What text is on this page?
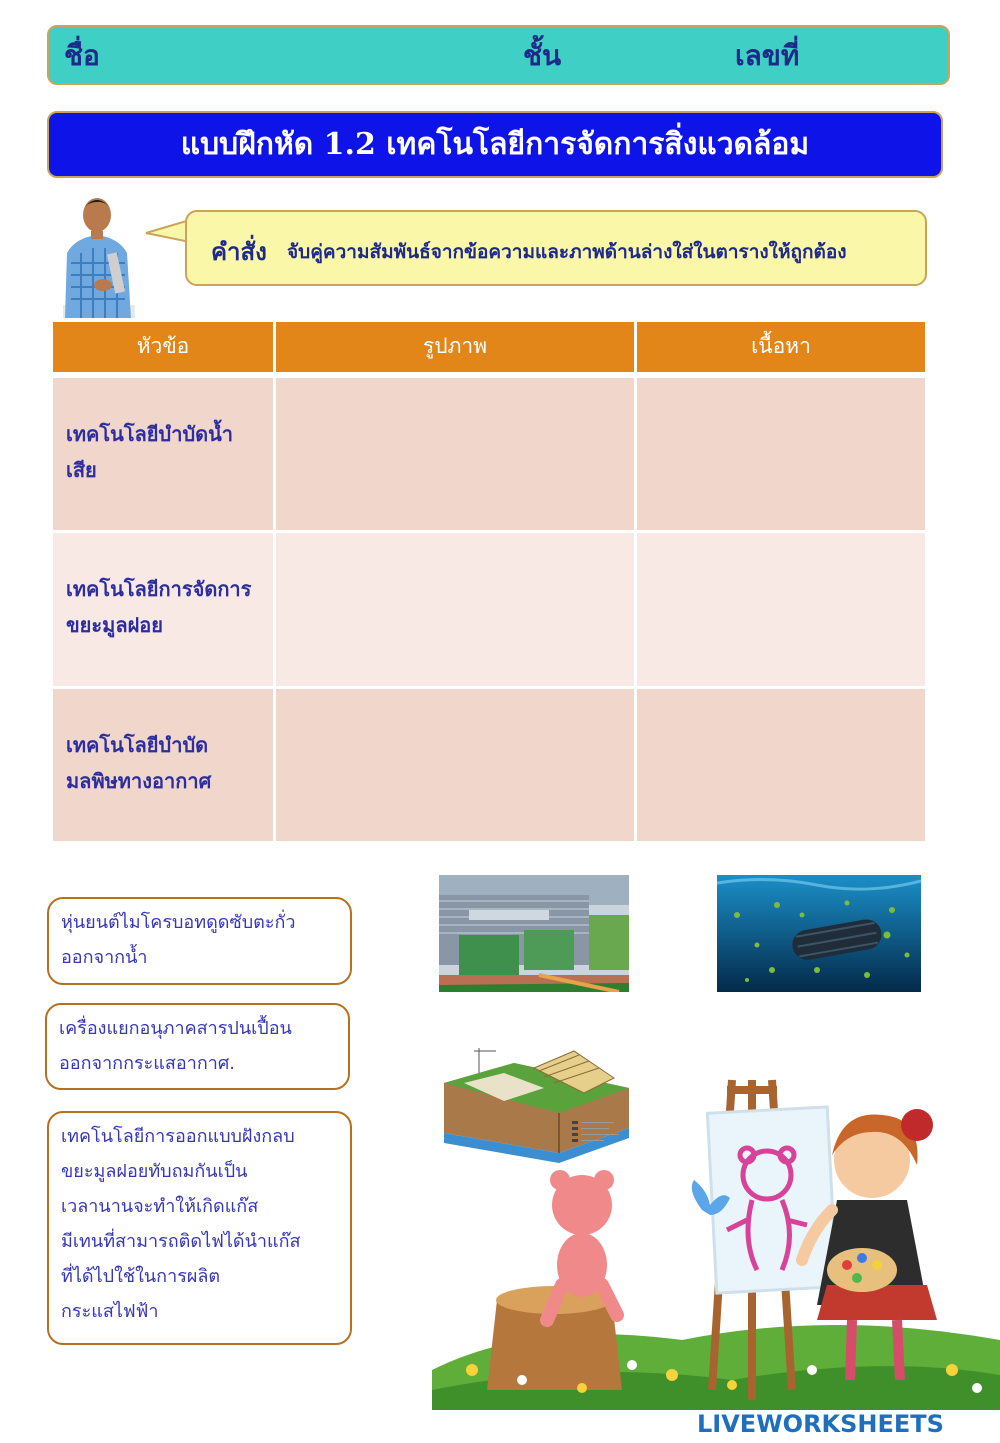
ชื่อ	ชั้น	เลขที่
แบบฝึกหัด 1.2 เทคโนโลยีการจัดการสิ่งแวดล้อม
คำสั่ง จับคู่ความสัมพันธ์จากข้อความและภาพด้านล่างใส่ในตารางให้ถูกต้อง
หัวข้อ	รูปภาพ	เนื้อหา
เทคโนโลยีบำบัดน้ำ
เสีย
เทคโนโลยีการจัดการ
ขยะมูลฝอย
เทคโนโลยีบำบัด
มลพิษทางอากาศ
หุ่นยนต์ไมโครบอทดูดซับตะกั่ว
ออกจากน้ำ
เครื่องแยกอนุภาคสารปนเปื้อน
ออกจากกระแสอากาศ.
เทคโนโลยีการออกแบบฝังกลบ
ขยะมูลฝอยทับถมกันเป็น
เวลานานจะทำให้เกิดแก๊ส
มีเทนที่สามารถติดไฟได้นำแก๊ส
ที่ได้ไปใช้ในการผลิต
กระแสไฟฟ้า
LIVEWORKSHEETS
